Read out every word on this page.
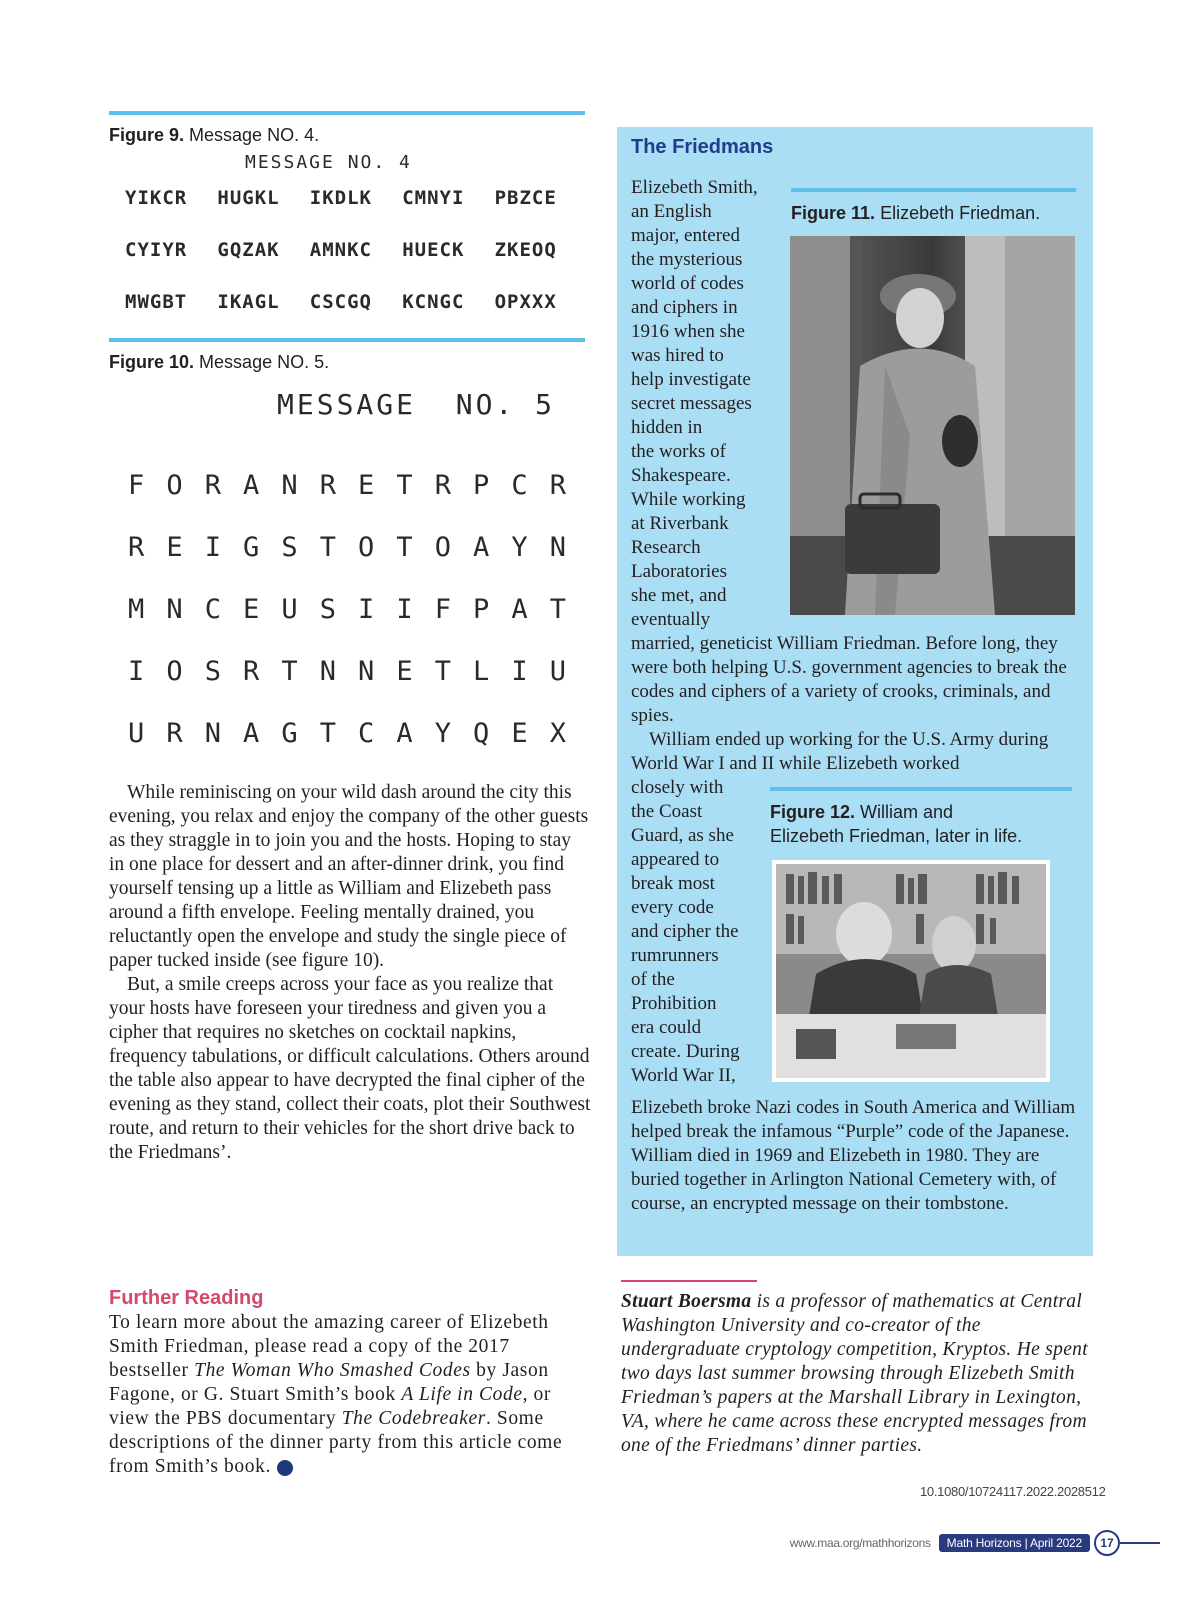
Figure 9. Message NO. 4.
MESSAGE NO. 4
YIKCR	HUGKL	IKDLK	CMNYI	PBZCE
CYIYR	GQZAK	AMNKC	HUECK	ZKEOQ
MWGBT	IKAGL	CSCGQ	KCNGC	OPXXX
Figure 10. Message NO. 5.
MESSAGE  NO. 5
F O R A N R E T R P C R
R E I G S T O T O A Y N
M N C E U S I I F P A T
I O S R T N N E T L I U
U R N A G T C A Y Q E X

While reminiscing on your wild dash around the city this evening, you relax and enjoy the company of the other guests as they straggle in to join you and the hosts. Hoping to stay in one place for dessert and an after-dinner drink, you find yourself tensing up a little as William and Elizebeth pass around a fifth envelope. Feeling mentally drained, you reluctantly open the envelope and study the single piece of paper tucked inside (see figure 10).

But, a smile creeps across your face as you realize that your hosts have foreseen your tiredness and given you a cipher that requires no sketches on cocktail napkins, frequency tabulations, or difficult calculations. Others around the table also appear to have decrypted the final cipher of the evening as they stand, collect their coats, plot their Southwest route, and return to their vehicles for the short drive back to the Friedmans’.

Further Reading
To learn more about the amazing career of Elizebeth Smith Friedman, please read a copy of the 2017 bestseller The Woman Who Smashed Codes by Jason Fagone, or G. Stuart Smith’s book A Life in Code, or view the PBS documentary The Codebreaker. Some descriptions of the dinner party from this article come from Smith’s book.
The Friedmans
Elizebeth Smith,
an English
major, entered
the mysterious
world of codes
and ciphers in
1916 when she
was hired to
help investigate
secret messages
hidden in
the works of
Shakespeare.
While working
at Riverbank
Research
Laboratories
she met, and
eventually
Figure 11. Elizebeth Friedman.

married, geneticist William Friedman. Before long, they were both helping U.S. government agencies to break the codes and ciphers of a variety of crooks, criminals, and spies.

William ended up working for the U.S. Army during World War I and II while Elizebeth worked

closely with
the Coast
Guard, as she
appeared to
break most
every code
and cipher the
rumrunners
of the
Prohibition
era could
create. During
World War II,
Figure 12. William and
Elizebeth Friedman, later in life.

Elizebeth broke Nazi codes in South America and William helped break the infamous “Purple” code of the Japanese. William died in 1969 and Elizebeth in 1980. They are buried together in Arlington National Cemetery with, of course, an encrypted message on their tombstone.

Stuart Boersma is a professor of mathematics at Central Washington University and co-creator of the undergraduate cryptology competition, Kryptos. He spent two days last summer browsing through Elizebeth Smith Friedman’s papers at the Marshall Library in Lexington, VA, where he came across these encrypted messages from one of the Friedmans’ dinner parties.
10.1080/10724117.2022.2028512
www.maa.org/mathhorizons	Math Horizons | April 2022	17
